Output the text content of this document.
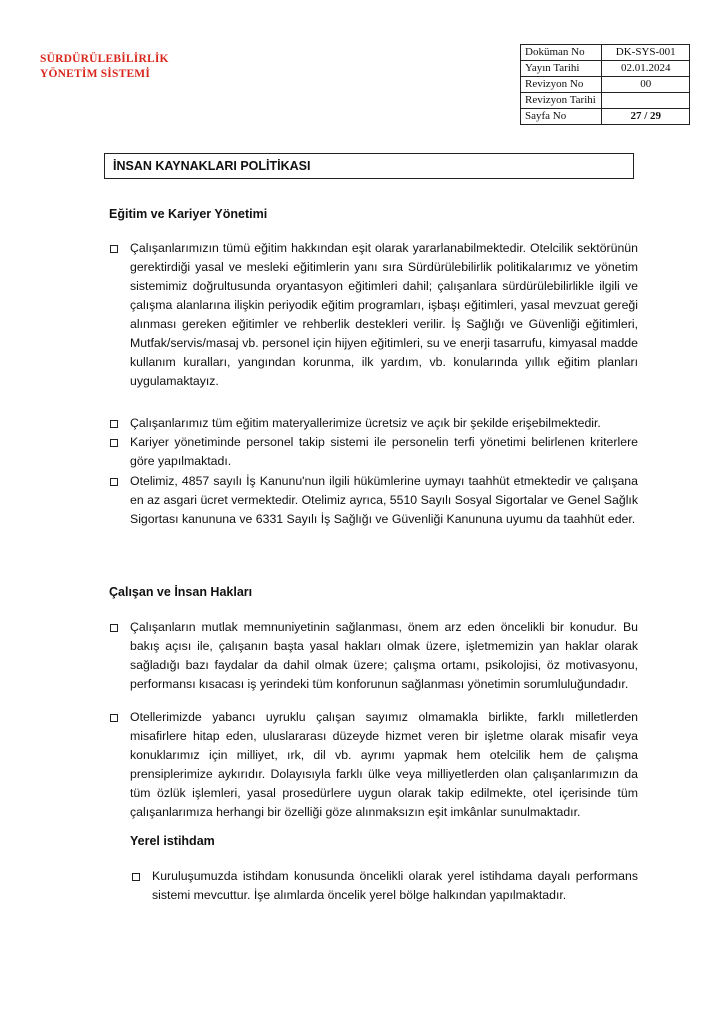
SÜRDÜRÜLEBİLİRLİK
YÖNETİM SİSTEMİ
Doküman No	DK-SYS-001
Yayın Tarihi	02.01.2024
Revizyon No	00
Revizyon Tarihi	
Sayfa No	27 / 29
İNSAN KAYNAKLARI POLİTİKASI
Eğitim ve Kariyer Yönetimi
Çalışanlarımızın tümü eğitim hakkından eşit olarak yararlanabilmektedir. Otelcilik sektörünün gerektirdiği yasal ve mesleki eğitimlerin yanı sıra Sürdürülebilirlik politikalarımız ve yönetim sistemimiz doğrultusunda oryantasyon eğitimleri dahil; çalışanlara sürdürülebilirlikle ilgili ve çalışma alanlarına ilişkin periyodik eğitim programları, işbaşı eğitimleri, yasal mevzuat gereği alınması gereken eğitimler ve rehberlik destekleri verilir. İş Sağlığı ve Güvenliği eğitimleri, Mutfak/servis/masaj vb. personel için hijyen eğitimleri, su ve enerji tasarrufu, kimyasal madde kullanım kuralları, yangından korunma, ilk yardım, vb. konularında yıllık eğitim planları uygulamaktayız.
Çalışanlarımız tüm eğitim materyallerimize ücretsiz ve açık bir şekilde erişebilmektedir.
Kariyer yönetiminde personel takip sistemi ile personelin terfi yönetimi belirlenen kriterlere göre yapılmaktadı.
Otelimiz, 4857 sayılı İş Kanunu'nun ilgili hükümlerine uymayı taahhüt etmektedir ve çalışana en az asgari ücret vermektedir. Otelimiz ayrıca, 5510 Sayılı Sosyal Sigortalar ve Genel Sağlık Sigortası kanununa ve 6331 Sayılı İş Sağlığı ve Güvenliği Kanununa uyumu da taahhüt eder.
Çalışan ve İnsan Hakları
Çalışanların mutlak memnuniyetinin sağlanması, önem arz eden öncelikli bir konudur. Bu bakış açısı ile, çalışanın başta yasal hakları olmak üzere, işletmemizin yan haklar olarak sağladığı bazı faydalar da dahil olmak üzere; çalışma ortamı, psikolojisi, öz motivasyonu, performansı kısacası iş yerindeki tüm konforunun sağlanması yönetimin sorumluluğundadır.
Otellerimizde yabancı uyruklu çalışan sayımız olmamakla birlikte, farklı milletlerden misafirlere hitap eden, uluslararası düzeyde hizmet veren bir işletme olarak misafir veya konuklarımız için milliyet, ırk, dil vb. ayrımı yapmak hem otelcilik hem de çalışma prensiplerimize aykırıdır. Dolayısıyla farklı ülke veya milliyetlerden olan çalışanlarımızın da tüm özlük işlemleri, yasal prosedürlere uygun olarak takip edilmekte, otel içerisinde tüm çalışanlarımıza herhangi bir özelliği göze alınmaksızın eşit imkânlar sunulmaktadır.
Yerel istihdam
Kuruluşumuzda istihdam konusunda öncelikli olarak yerel istihdama dayalı performans sistemi mevcuttur. İşe alımlarda öncelik yerel bölge halkından yapılmaktadır.
